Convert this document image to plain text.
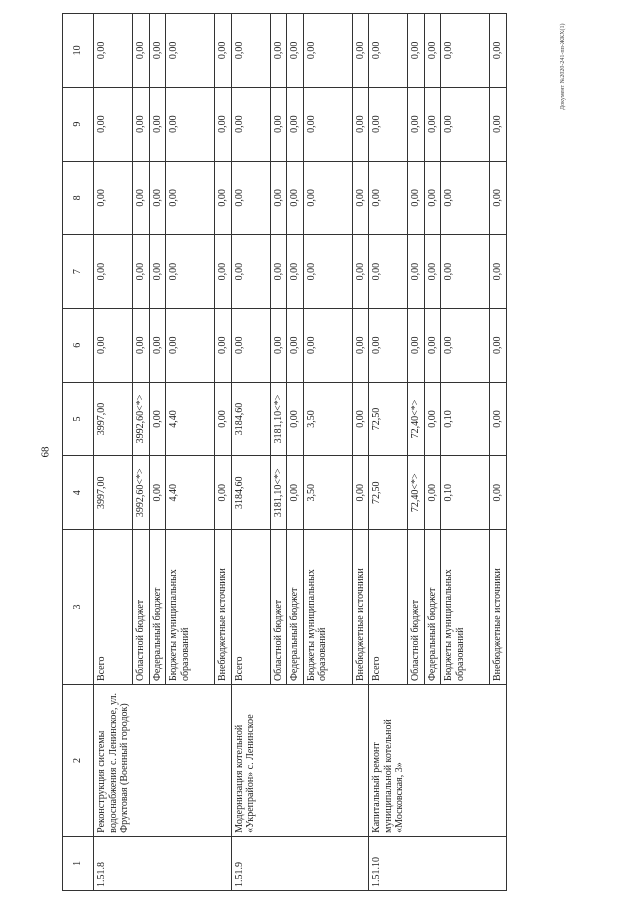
68
Документ №2020-241-пп-ЖКХ(1)
1	2	3	4	5	6	7	8	9	10
1.51.8	Реконструкция системы водоснабжения с. Ленинское, ул. Фруктовая (Военный городок)	Всего	3997,00	3997,00	0,00	0,00	0,00	0,00	0,00
		Областной бюджет	3992,60<*>	3992,60<*>	0,00	0,00	0,00	0,00	0,00
		Федеральный бюджет	0,00	0,00	0,00	0,00	0,00	0,00	0,00
		Бюджеты муниципальных образований	4,40	4,40	0,00	0,00	0,00	0,00	0,00
		Внебюджетные источники	0,00	0,00	0,00	0,00	0,00	0,00	0,00
1.51.9	Модернизация котельной «Укрепрайон» с. Ленинское	Всего	3184,60	3184,60	0,00	0,00	0,00	0,00	0,00
		Областной бюджет	3181,10<*>	3181,10<*>	0,00	0,00	0,00	0,00	0,00
		Федеральный бюджет	0,00	0,00	0,00	0,00	0,00	0,00	0,00
		Бюджеты муниципальных образований	3,50	3,50	0,00	0,00	0,00	0,00	0,00
		Внебюджетные источники	0,00	0,00	0,00	0,00	0,00	0,00	0,00
1.51.10	Капитальный ремонт муниципальной котельной «Московская, 3»	Всего	72,50	72,50	0,00	0,00	0,00	0,00	0,00
		Областной бюджет	72,40<*>	72,40<*>	0,00	0,00	0,00	0,00	0,00
		Федеральный бюджет	0,00	0,00	0,00	0,00	0,00	0,00	0,00
		Бюджеты муниципальных образований	0,10	0,10	0,00	0,00	0,00	0,00	0,00
		Внебюджетные источники	0,00	0,00	0,00	0,00	0,00	0,00	0,00
